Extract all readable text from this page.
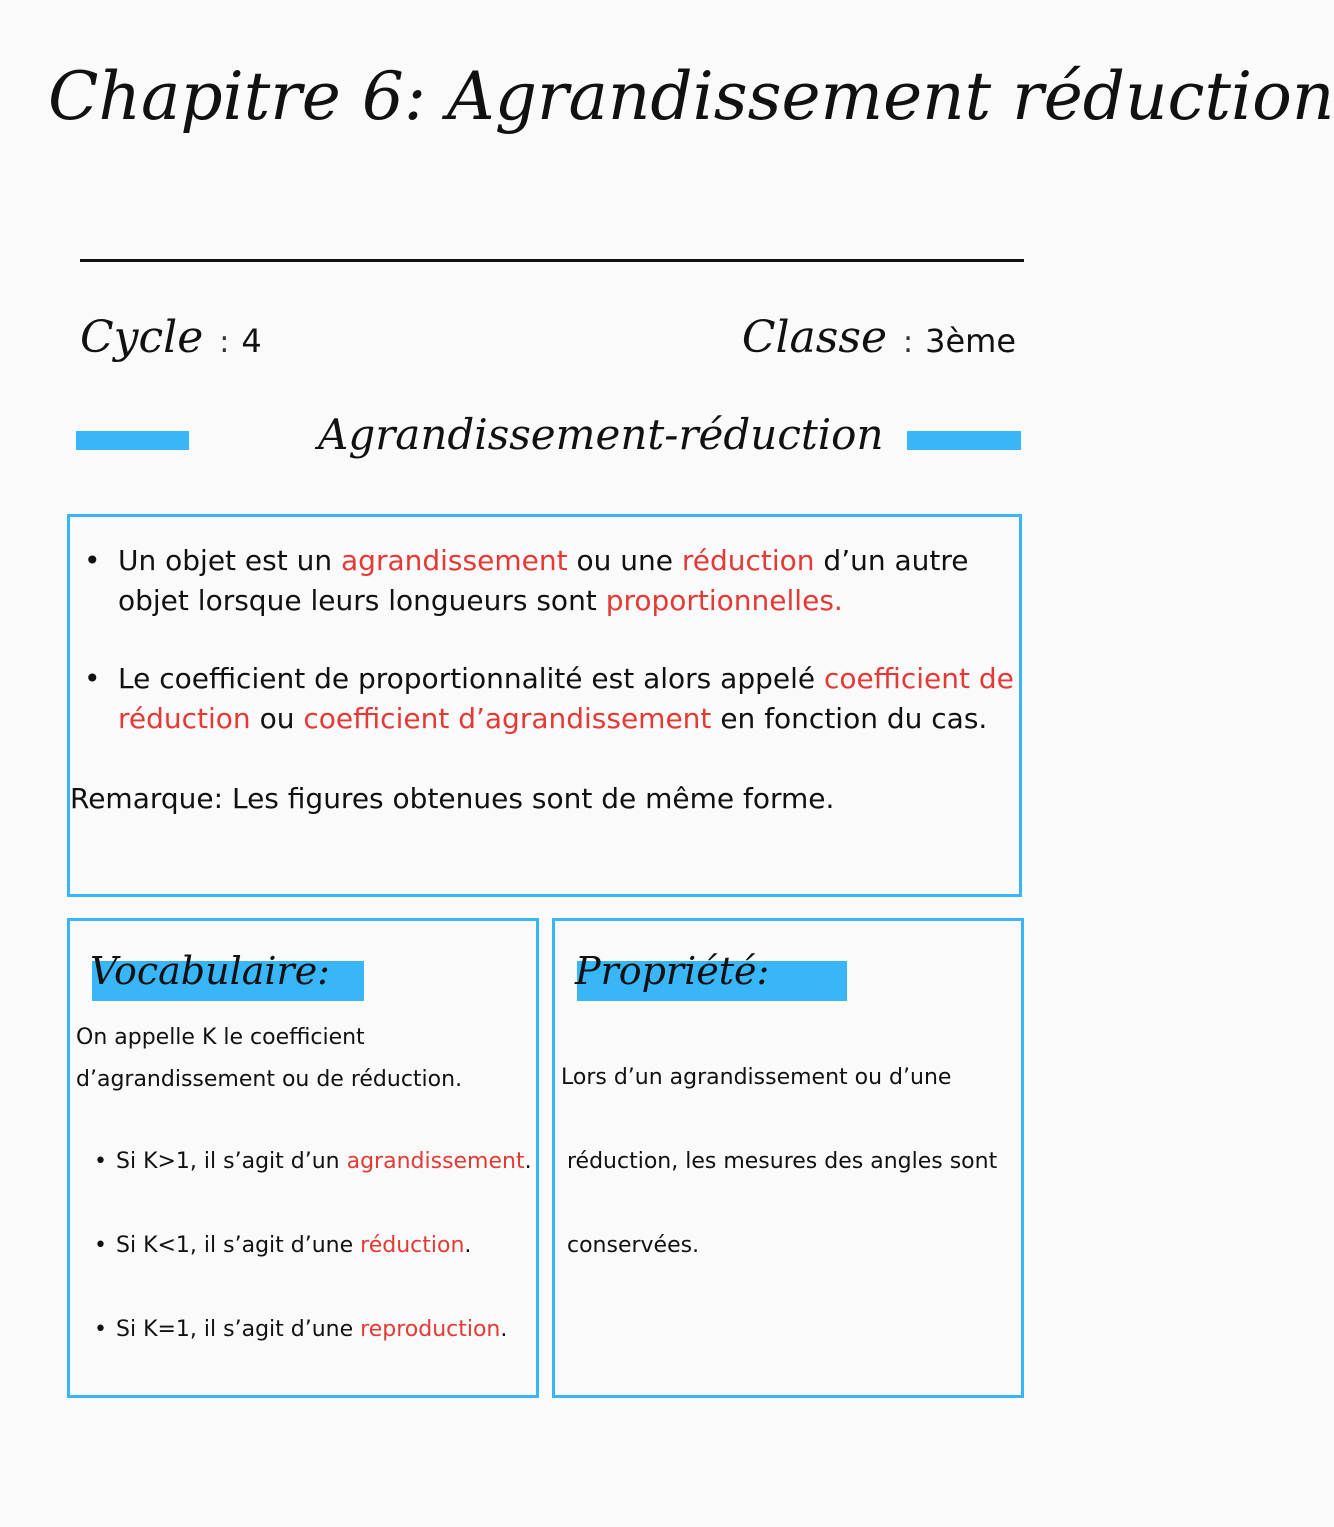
Chapitre 6: Agrandissement réduction
Cycle : 4	Classe : 3ème
Agrandissement-réduction
• Un objet est un agrandissement ou une réduction d’un autre objet lorsque leurs longueurs sont proportionnelles.
• Le coefficient de proportionnalité est alors appelé coefficient de réduction ou coefficient d’agrandissement en fonction du cas.
Remarque: Les figures obtenues sont de même forme.
Vocabulaire:
On appelle K le coefficient d’agrandissement ou de réduction.
• Si K>1, il s’agit d’un agrandissement.
• Si K<1, il s’agit d’une réduction.
• Si K=1, il s’agit d’une reproduction.
Propriété:
Lors d’un agrandissement ou d’une
réduction, les mesures des angles sont
conservées.
